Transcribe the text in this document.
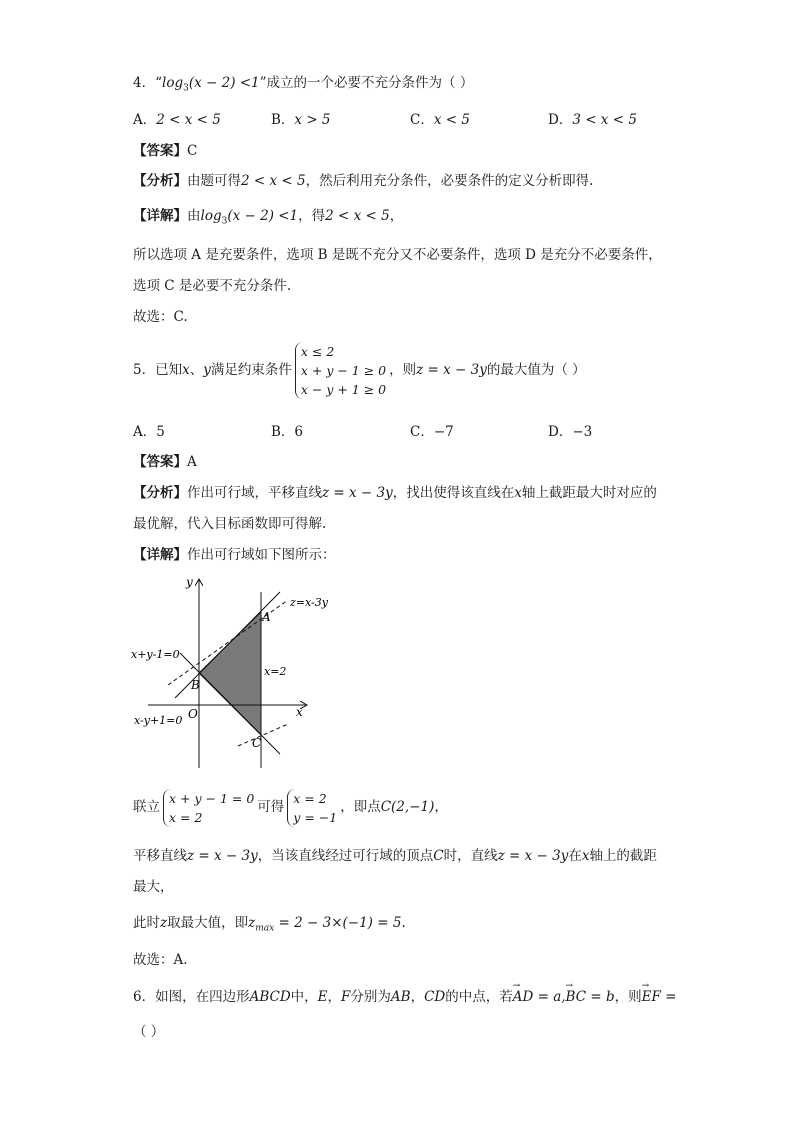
4．“$\log_3(x - 2) <1$”成立的一个必要不充分条件为（ ）
A．2 < x < 5	B．x > 5	C．x < 5	D．3 < x < 5
【答案】C
【分析】由题可得2 < x < 5，然后利用充分条件，必要条件的定义分析即得.
【详解】由$\log_3(x - 2) <1$，得2 < x < 5，
所以选项 A 是充要条件，选项 B 是既不充分又不必要条件，选项 D 是充分不必要条件，
选项 C 是必要不充分条件.
故选：C.
5．已知x、y满足约束条件x ≤ 2
x + y − 1 ≥ 0
x − y + 1 ≥ 0，则z = x − 3y的最大值为（ ）
A．5	B．6	C．−7	D．−3
【答案】A
【分析】作出可行域，平移直线z = x − 3y，找出使得该直线在x轴上截距最大时对应的
最优解，代入目标函数即可得解.
【详解】作出可行域如下图所示：
y
x
O
A
B
C
z=x-3y
x+y-1=0
x=2
x-y+1=0
联立x + y − 1 = 0
x = 2可得x = 2
y = −1，即点C(2,−1)，
平移直线z = x − 3y，当该直线经过可行域的顶点C时，直线z = x − 3y在x轴上的截距
最大，
此时z取最大值，即$z_{max} = 2 - 3\times(-1) = 5$.
故选：A.
6．如图，在四边形ABCD中，E，F分别为AB，CD的中点，若→ AD = a,→ BC = b，则→ EF =
（ ）
